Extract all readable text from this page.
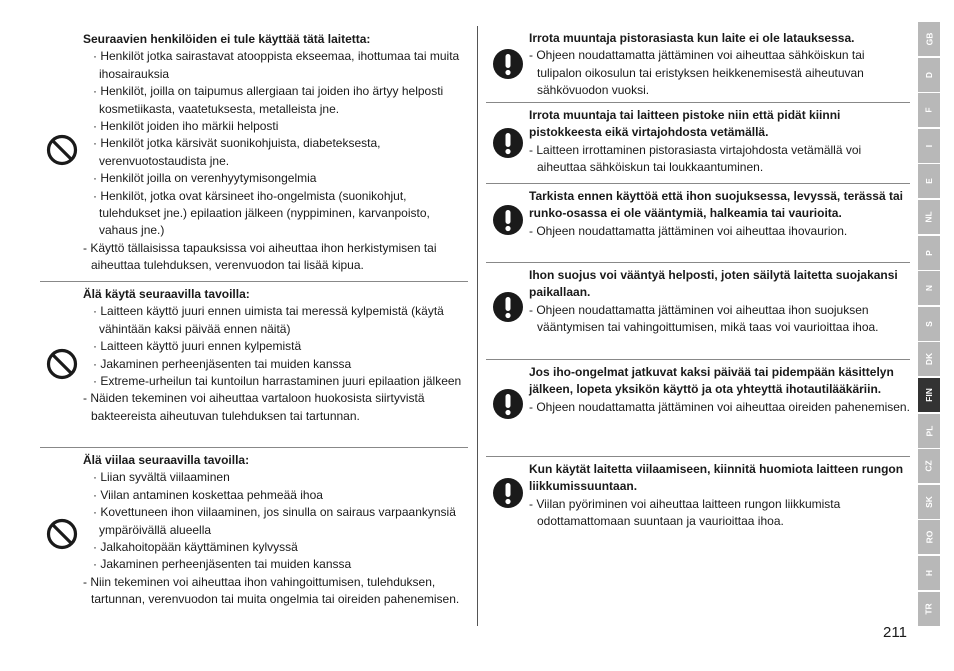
Seuraavien henkilöiden ei tule käyttää tätä laitetta:
· Henkilöt jotka sairastavat atooppista ekseemaa, ihottumaa tai muita ihosairauksia
· Henkilöt, joilla on taipumus allergiaan tai joiden iho ärtyy helposti kosmetiikasta, vaatetuksesta, metalleista jne.
· Henkilöt joiden iho märkii helposti
· Henkilöt jotka kärsivät suonikohjuista, diabeteksesta, verenvuotostaudista jne.
· Henkilöt joilla on verenhyytymisongelmia
· Henkilöt, jotka ovat kärsineet iho-ongelmista (suonikohjut, tulehdukset jne.) epilaation jälkeen (nyppiminen, karvanpoisto, vahaus jne.)
- Käyttö tällaisissa tapauksissa voi aiheuttaa ihon herkistymisen tai aiheuttaa tulehduksen, verenvuodon tai lisää kipua.
Älä käytä seuraavilla tavoilla:
· Laitteen käyttö juuri ennen uimista tai meressä kylpemistä (käytä vähintään kaksi päivää ennen näitä)
· Laitteen käyttö juuri ennen kylpemistä
· Jakaminen perheenjäsenten tai muiden kanssa
· Extreme-urheilun tai kuntoilun harrastaminen juuri epilaation jälkeen
- Näiden tekeminen voi aiheuttaa vartaloon huokosista siirtyvistä bakteereista aiheutuvan tulehduksen tai tartunnan.
Älä viilaa seuraavilla tavoilla:
· Liian syvältä viilaaminen
· Viilan antaminen koskettaa pehmeää ihoa
· Kovettuneen ihon viilaaminen, jos sinulla on sairaus varpaankynsiä ympäröivällä alueella
· Jalkahoitopään käyttäminen kylvyssä
· Jakaminen perheenjäsenten tai muiden kanssa
- Niin tekeminen voi aiheuttaa ihon vahingoittumisen, tulehduksen, tartunnan, verenvuodon tai muita ongelmia tai oireiden pahenemisen.
Irrota muuntaja pistorasiasta kun laite ei ole latauksessa.
- Ohjeen noudattamatta jättäminen voi aiheuttaa sähköiskun tai tulipalon oikosulun tai eristyksen heikkenemisestä aiheutuvan sähkövuodon vuoksi.
Irrota muuntaja tai laitteen pistoke niin että pidät kiinni pistokkeesta eikä virtajohdosta vetämällä.
- Laitteen irrottaminen pistorasiasta virtajohdosta vetämällä voi aiheuttaa sähköiskun tai loukkaantuminen.
Tarkista ennen käyttöä että ihon suojuksessa, levyssä, terässä tai runko-osassa ei ole vääntymiä, halkeamia tai vaurioita.
- Ohjeen noudattamatta jättäminen voi aiheuttaa ihovaurion.
Ihon suojus voi vääntyä helposti, joten säilytä laitetta suojakansi paikallaan.
- Ohjeen noudattamatta jättäminen voi aiheuttaa ihon suojuksen vääntymisen tai vahingoittumisen, mikä taas voi vaurioittaa ihoa.
Jos iho-ongelmat jatkuvat kaksi päivää tai pidempään käsittelyn jälkeen, lopeta yksikön käyttö ja ota yhteyttä ihotautilääkäriin.
- Ohjeen noudattamatta jättäminen voi aiheuttaa oireiden pahenemisen.
Kun käytät laitetta viilaamiseen, kiinnitä huomiota laitteen rungon liikkumissuuntaan.
- Viilan pyöriminen voi aiheuttaa laitteen rungon liikkumista odottamattomaan suuntaan ja vaurioittaa ihoa.
GB
D
F
I
E
NL
P
N
S
DK
FIN
PL
CZ
SK
RO
H
TR
211
